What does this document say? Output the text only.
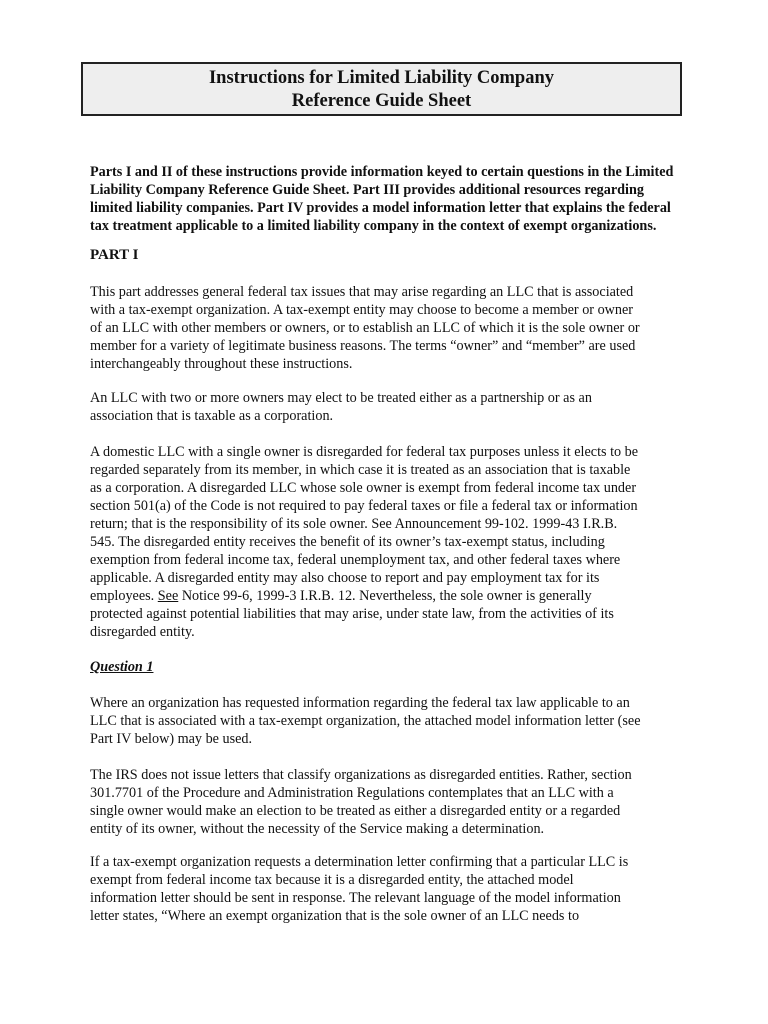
Instructions for Limited Liability Company
Reference Guide Sheet
Parts I and II of these instructions provide information keyed to certain questions in the Limited
Liability Company Reference Guide Sheet. Part III provides additional resources regarding
limited liability companies. Part IV provides a model information letter that explains the federal
tax treatment applicable to a limited liability company in the context of exempt organizations.
PART I
This part addresses general federal tax issues that may arise regarding an LLC that is associated
with a tax-exempt organization. A tax-exempt entity may choose to become a member or owner
of an LLC with other members or owners, or to establish an LLC of which it is the sole owner or
member for a variety of legitimate business reasons. The terms “owner” and “member” are used
interchangeably throughout these instructions.
An LLC with two or more owners may elect to be treated either as a partnership or as an
association that is taxable as a corporation.
A domestic LLC with a single owner is disregarded for federal tax purposes unless it elects to be
regarded separately from its member, in which case it is treated as an association that is taxable
as a corporation. A disregarded LLC whose sole owner is exempt from federal income tax under
section 501(a) of the Code is not required to pay federal taxes or file a federal tax or information
return; that is the responsibility of its sole owner. See Announcement 99-102. 1999-43 I.R.B.
545. The disregarded entity receives the benefit of its owner’s tax-exempt status, including
exemption from federal income tax, federal unemployment tax, and other federal taxes where
applicable. A disregarded entity may also choose to report and pay employment tax for its
employees. See Notice 99-6, 1999-3 I.R.B. 12. Nevertheless, the sole owner is generally
protected against potential liabilities that may arise, under state law, from the activities of its
disregarded entity.
Question 1
Where an organization has requested information regarding the federal tax law applicable to an
LLC that is associated with a tax-exempt organization, the attached model information letter (see
Part IV below) may be used.
The IRS does not issue letters that classify organizations as disregarded entities. Rather, section
301.7701 of the Procedure and Administration Regulations contemplates that an LLC with a
single owner would make an election to be treated as either a disregarded entity or a regarded
entity of its owner, without the necessity of the Service making a determination.
If a tax-exempt organization requests a determination letter confirming that a particular LLC is
exempt from federal income tax because it is a disregarded entity, the attached model
information letter should be sent in response. The relevant language of the model information
letter states, “Where an exempt organization that is the sole owner of an LLC needs to
